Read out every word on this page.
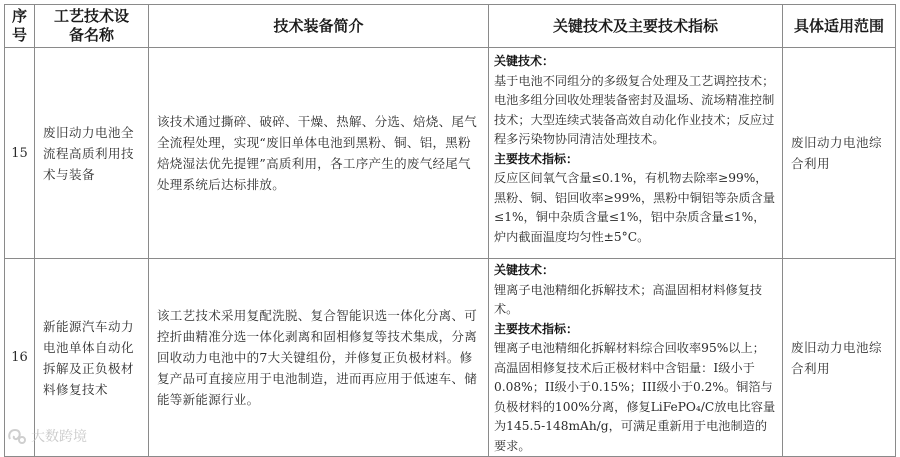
序号	工艺技术设备名称	技术装备简介	关键技术及主要技术指标	具体适用范围
15	废旧动力电池全流程高质利用技术与装备	该技术通过撕碎、破碎、干燥、热解、分选、焙烧、尾气全流程处理，实现“废旧单体电池到黑粉、铜、铝，黑粉焙烧湿法优先提锂”高质利用，各工序产生的废气经尾气处理系统后达标排放。	关键技术：
基于电池不同组分的多级复合处理及工艺调控技术；电池多组分回收处理装备密封及温场、流场精准控制技术；大型连续式装备高效自动化作业技术；反应过程多污染物协同清洁处理技术。
主要技术指标：
反应区间氧气含量≤0.1%，有机物去除率≥99%，黑粉、铜、铝回收率≥99%，黑粉中铜铝等杂质含量≤1%，铜中杂质含量≤1%，铝中杂质含量≤1%，炉内截面温度均匀性±5°C。	废旧动力电池综合利用
16	新能源汽车动力电池单体自动化拆解及正负极材料修复技术	该工艺技术采用复配洗脱、复合智能识选一体化分离、可控折曲精准分选一体化剥离和固相修复等技术集成，分离回收动力电池中的7大关键组份，并修复正负极材料。修复产品可直接应用于电池制造，进而再应用于低速车、储能等新能源行业。	关键技术：
锂离子电池精细化拆解技术；高温固相材料修复技术。
主要技术指标：
锂离子电池精细化拆解材料综合回收率95%以上；高温固相修复技术后正极材料中含铝量：I级小于0.08%；II级小于0.15%；III级小于0.2%。铜箔与负极材料的100%分离，修复LiFePO₄/C放电比容量为145.5-148mAh/g，可满足重新用于电池制造的要求。	废旧动力电池综合利用
大数跨境
